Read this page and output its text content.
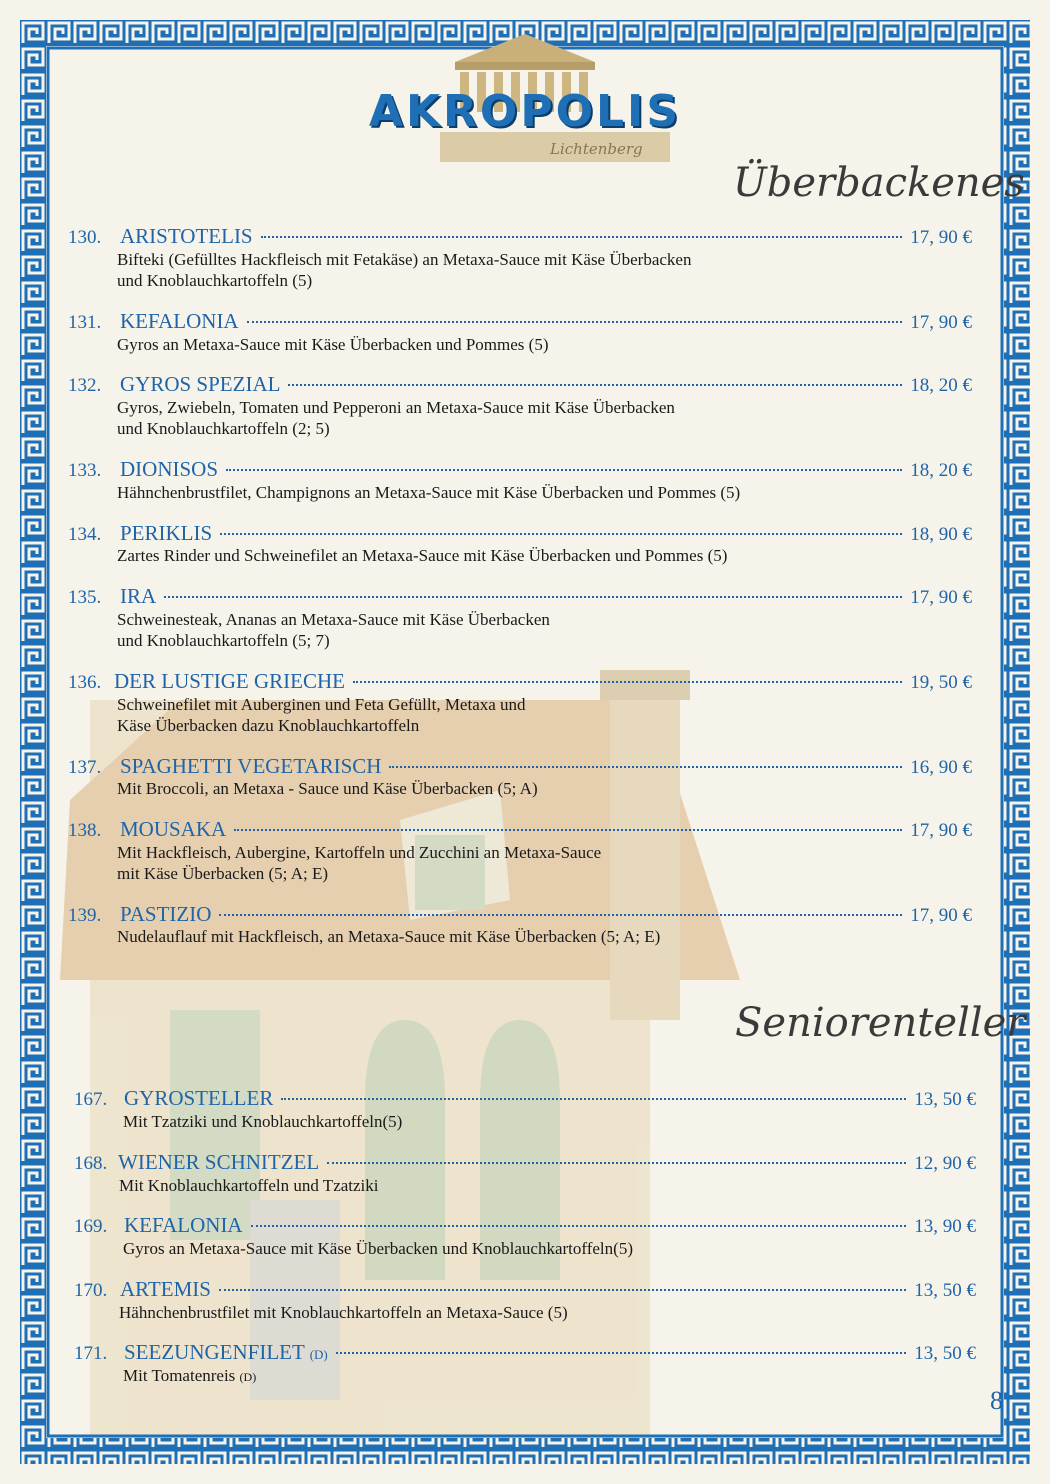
AKROPOLIS
Lichtenberg
Überbackenes
Seniorenteller
130. ARISTOTELIS	17, 90 €
Bifteki (Gefülltes Hackfleisch mit Fetakäse) an Metaxa-Sauce mit Käse Überbacken
und Knoblauchkartoffeln (5)
131. KEFALONIA	17, 90 €
Gyros an Metaxa-Sauce mit Käse Überbacken und Pommes (5)
132. GYROS SPEZIAL	18, 20 €
Gyros, Zwiebeln, Tomaten und Pepperoni an Metaxa-Sauce mit Käse Überbacken
und Knoblauchkartoffeln (2; 5)
133. DIONISOS	18, 20 €
Hähnchenbrustfilet, Champignons an Metaxa-Sauce mit Käse Überbacken und Pommes (5)
134. PERIKLIS	18, 90 €
Zartes Rinder und Schweinefilet an Metaxa-Sauce mit Käse Überbacken und Pommes (5)
135. IRA	17, 90 €
Schweinesteak, Ananas an Metaxa-Sauce mit Käse Überbacken
und Knoblauchkartoffeln (5; 7)
136. DER LUSTIGE GRIECHE	19, 50 €
Schweinefilet mit Auberginen und Feta Gefüllt, Metaxa und
Käse Überbacken dazu Knoblauchkartoffeln
137. SPAGHETTI VEGETARISCH	16, 90 €
Mit Broccoli, an Metaxa - Sauce und Käse Überbacken (5; A)
138. MOUSAKA	17, 90 €
Mit Hackfleisch, Aubergine, Kartoffeln und Zucchini an Metaxa-Sauce
mit Käse Überbacken (5; A; E)
139. PASTIZIO	17, 90 €
Nudelauflauf mit Hackfleisch, an Metaxa-Sauce mit Käse Überbacken (5; A; E)
167. GYROSTELLER	13, 50 €
Mit Tzatziki und Knoblauchkartoffeln(5)
168. WIENER SCHNITZEL	12, 90 €
Mit Knoblauchkartoffeln und Tzatziki
169. KEFALONIA	13, 90 €
Gyros an Metaxa-Sauce mit Käse Überbacken und Knoblauchkartoffeln(5)
170. ARTEMIS	13, 50 €
Hähnchenbrustfilet mit Knoblauchkartoffeln an Metaxa-Sauce (5)
171. SEEZUNGENFILET (D)	13, 50 €
Mit Tomatenreis (D)
8
